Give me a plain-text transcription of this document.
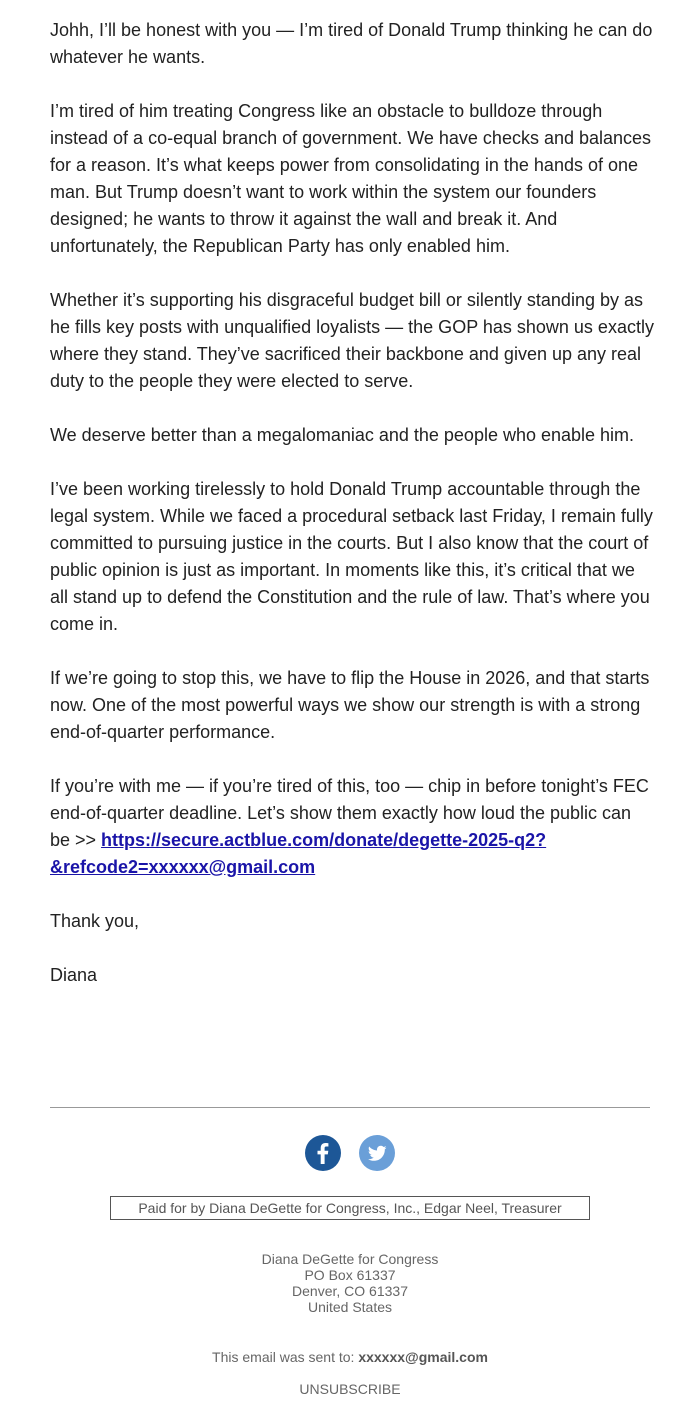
Johh, I’ll be honest with you — I’m tired of Donald Trump thinking he can do whatever he wants.

I’m tired of him treating Congress like an obstacle to bulldoze through instead of a co-equal branch of government. We have checks and balances for a reason. It’s what keeps power from consolidating in the hands of one man. But Trump doesn’t want to work within the system our founders designed; he wants to throw it against the wall and break it. And unfortunately, the Republican Party has only enabled him.

Whether it’s supporting his disgraceful budget bill or silently standing by as he fills key posts with unqualified loyalists — the GOP has shown us exactly where they stand. They’ve sacrificed their backbone and given up any real duty to the people they were elected to serve.

We deserve better than a megalomaniac and the people who enable him.

I’ve been working tirelessly to hold Donald Trump accountable through the legal system. While we faced a procedural setback last Friday, I remain fully committed to pursuing justice in the courts. But I also know that the court of public opinion is just as important. In moments like this, it’s critical that we all stand up to defend the Constitution and the rule of law. That’s where you come in.

If we’re going to stop this, we have to flip the House in 2026, and that starts now. One of the most powerful ways we show our strength is with a strong end-of-quarter performance.

If you’re with me — if you’re tired of this, too — chip in before tonight’s FEC end-of-quarter deadline. Let’s show them exactly how loud the public can be >> https://secure.actblue.com/donate/degette-2025-q2?&refcode2=xxxxxx@gmail.com

Thank you,

Diana

Paid for by Diana DeGette for Congress, Inc., Edgar Neel, Treasurer
Diana DeGette for Congress
PO Box 61337
Denver, CO 61337
United States
This email was sent to: xxxxxx@gmail.com
UNSUBSCRIBE
